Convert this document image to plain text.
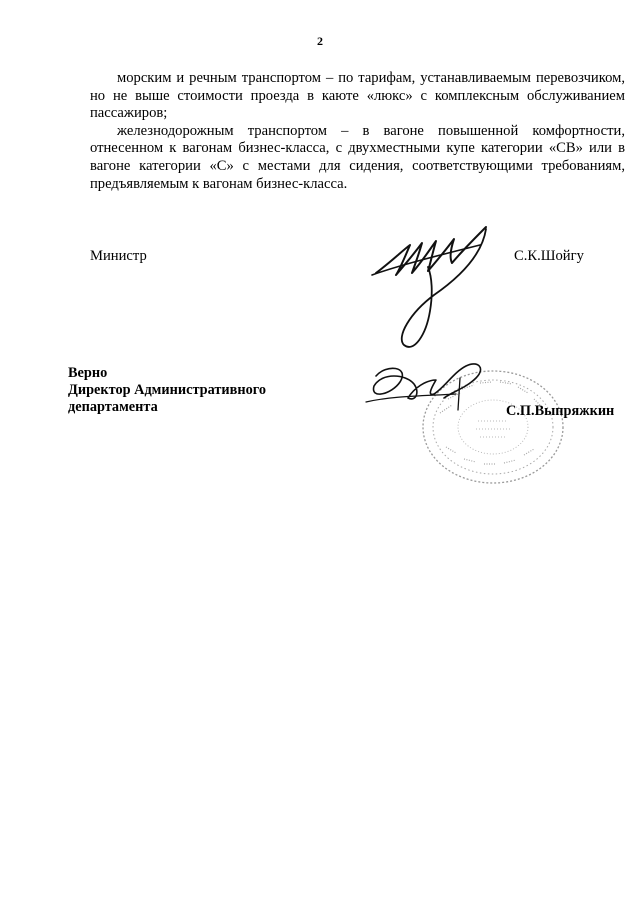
2

морским и речным транспортом – по тарифам, устанавливаемым перевозчиком, но не выше стоимости проезда в каюте «люкс» с комплексным обслуживанием пассажиров;

железнодорожным транспортом – в вагоне повышенной комфортности, отнесенном к вагонам бизнес-класса, с двухместными купе категории «СВ» или в вагоне категории «С» с местами для сидения, соответствующими требованиям, предъявляемым к вагонам бизнес-класса.

Министр	С.К.Шойгу
Верно
Директор Административного
департамента	С.П.Выпряжкин
